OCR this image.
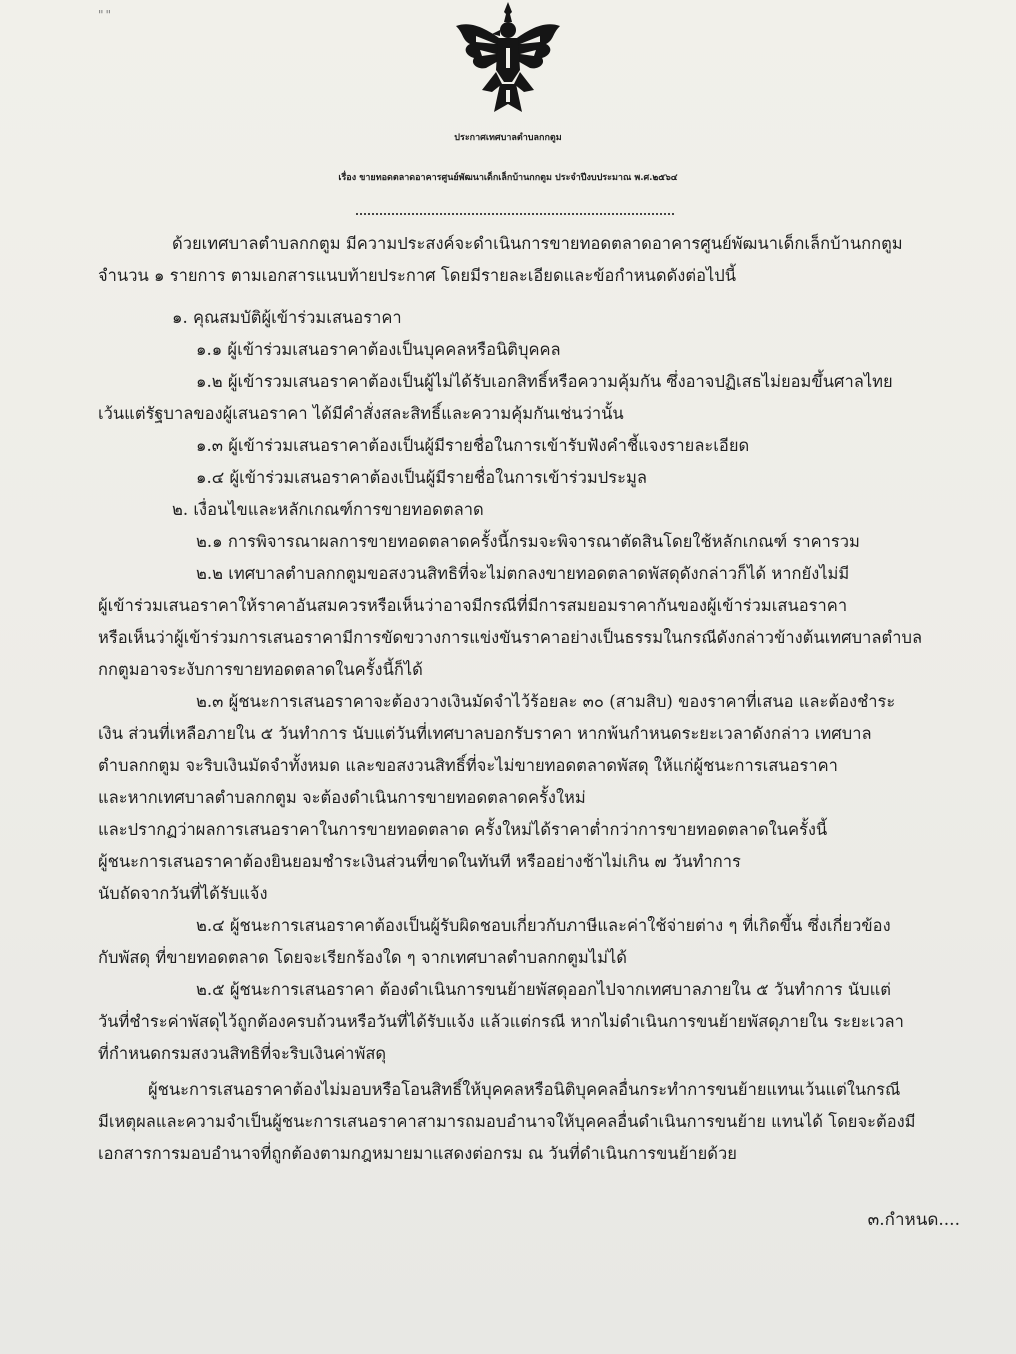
""
ประกาศเทศบาลตำบลกกตูม
เรื่อง ขายทอดตลาดอาคารศูนย์พัฒนาเด็กเล็กบ้านกกตูม ประจำปีงบประมาณ พ.ศ.๒๕๖๔
ด้วยเทศบาลตำบลกกตูม มีความประสงค์จะดำเนินการขายทอดตลาดอาคารศูนย์พัฒนาเด็กเล็กบ้านกกตูม
จำนวน ๑ รายการ ตามเอกสารแนบท้ายประกาศ โดยมีรายละเอียดและข้อกำหนดดังต่อไปนี้
๑. คุณสมบัติผู้เข้าร่วมเสนอราคา
๑.๑ ผู้เข้าร่วมเสนอราคาต้องเป็นบุคคลหรือนิติบุคคล
๑.๒ ผู้เข้ารวมเสนอราคาต้องเป็นผู้ไม่ได้รับเอกสิทธิ์หรือความคุ้มกัน ซึ่งอาจปฏิเสธไม่ยอมขึ้นศาลไทย
เว้นแต่รัฐบาลของผู้เสนอราคา ได้มีคำสั่งสละสิทธิ์และความคุ้มกันเช่นว่านั้น
๑.๓ ผู้เข้าร่วมเสนอราคาต้องเป็นผู้มีรายชื่อในการเข้ารับฟังคำชี้แจงรายละเอียด
๑.๔ ผู้เข้าร่วมเสนอราคาต้องเป็นผู้มีรายชื่อในการเข้าร่วมประมูล
๒. เงื่อนไขและหลักเกณฑ์การขายทอดตลาด
๒.๑ การพิจารณาผลการขายทอดตลาดครั้งนี้กรมจะพิจารณาตัดสินโดยใช้หลักเกณฑ์ ราคารวม
๒.๒ เทศบาลตำบลกกตูมขอสงวนสิทธิที่จะไม่ตกลงขายทอดตลาดพัสดุดังกล่าวก็ได้ หากยังไม่มี
ผู้เข้าร่วมเสนอราคาให้ราคาอันสมควรหรือเห็นว่าอาจมีกรณีที่มีการสมยอมราคากันของผู้เข้าร่วมเสนอราคา
หรือเห็นว่าผู้เข้าร่วมการเสนอราคามีการขัดขวางการแข่งขันราคาอย่างเป็นธรรมในกรณีดังกล่าวข้างต้นเทศบาลตำบล
กกตูมอาจระงับการขายทอดตลาดในครั้งนี้ก็ได้
๒.๓ ผู้ชนะการเสนอราคาจะต้องวางเงินมัดจำไว้ร้อยละ ๓๐ (สามสิบ) ของราคาที่เสนอ และต้องชำระ
เงิน ส่วนที่เหลือภายใน ๕ วันทำการ นับแต่วันที่เทศบาลบอกรับราคา หากพ้นกำหนดระยะเวลาดังกล่าว เทศบาล
ตำบลกกตูม จะริบเงินมัดจำทั้งหมด และขอสงวนสิทธิ์ที่จะไม่ขายทอดตลาดพัสดุ ให้แก่ผู้ชนะการเสนอราคา
และหากเทศบาลตำบลกกตูม จะต้องดำเนินการขายทอดตลาดครั้งใหม่
และปรากฏว่าผลการเสนอราคาในการขายทอดตลาด ครั้งใหม่ได้ราคาต่ำกว่าการขายทอดตลาดในครั้งนี้
ผู้ชนะการเสนอราคาต้องยินยอมชำระเงินส่วนที่ขาดในทันที หรืออย่างช้าไม่เกิน ๗ วันทำการ
นับถัดจากวันที่ได้รับแจ้ง
๒.๔ ผู้ชนะการเสนอราคาต้องเป็นผู้รับผิดชอบเกี่ยวกับภาษีและค่าใช้จ่ายต่าง ๆ ที่เกิดขึ้น ซึ่งเกี่ยวข้อง
กับพัสดุ ที่ขายทอดตลาด โดยจะเรียกร้องใด ๆ จากเทศบาลตำบลกกตูมไม่ได้
๒.๕ ผู้ชนะการเสนอราคา ต้องดำเนินการขนย้ายพัสดุออกไปจากเทศบาลภายใน ๕ วันทำการ นับแต่
วันที่ชำระค่าพัสดุไว้ถูกต้องครบถ้วนหรือวันที่ได้รับแจ้ง แล้วแต่กรณี หากไม่ดำเนินการขนย้ายพัสดุภายใน ระยะเวลา
ที่กำหนดกรมสงวนสิทธิที่จะริบเงินค่าพัสดุ
ผู้ชนะการเสนอราคาต้องไม่มอบหรือโอนสิทธิ์ให้บุคคลหรือนิติบุคคลอื่นกระทำการขนย้ายแทนเว้นแต่ในกรณี
มีเหตุผลและความจำเป็นผู้ชนะการเสนอราคาสามารถมอบอำนาจให้บุคคลอื่นดำเนินการขนย้าย แทนได้ โดยจะต้องมี
เอกสารการมอบอำนาจที่ถูกต้องตามกฎหมายมาแสดงต่อกรม ณ วันที่ดำเนินการขนย้ายด้วย
๓.กำหนด....
